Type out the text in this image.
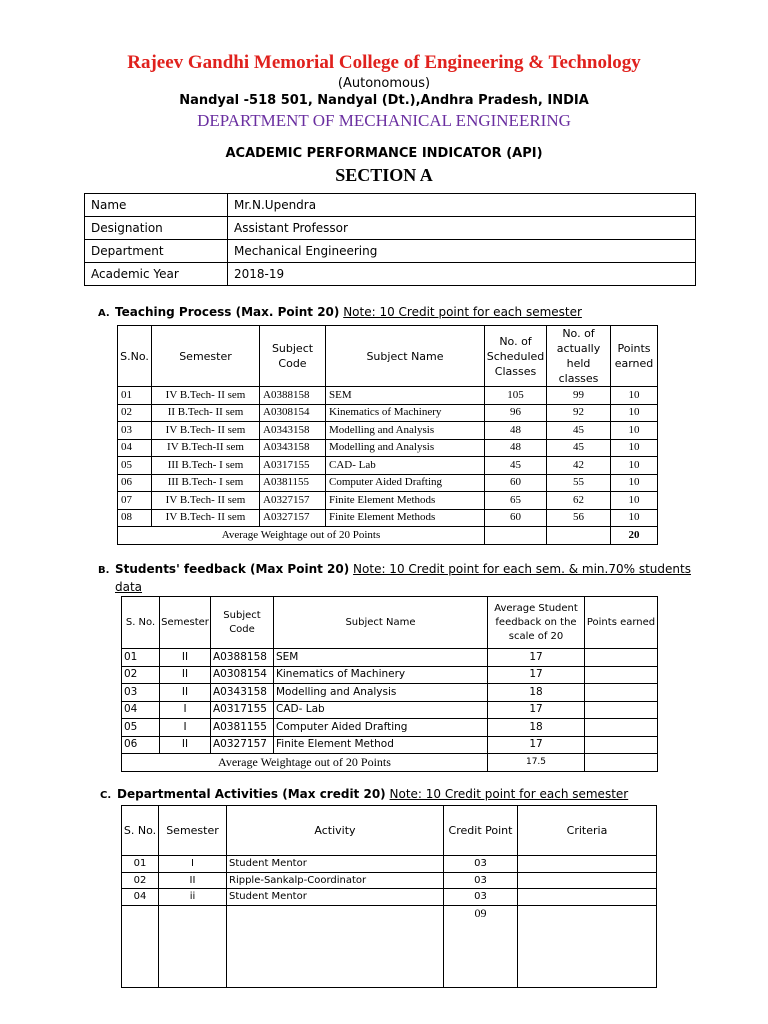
Rajeev Gandhi Memorial College of Engineering & Technology
(Autonomous)
Nandyal -518 501, Nandyal (Dt.),Andhra Pradesh, INDIA
DEPARTMENT OF MECHANICAL ENGINEERING
ACADEMIC PERFORMANCE INDICATOR (API)
SECTION A
Name	Mr.N.Upendra
Designation	Assistant Professor
Department	Mechanical Engineering
Academic Year	2018-19
A. Teaching Process (Max. Point 20) Note: 10 Credit point for each semester
S.No.	Semester	Subject Code	Subject Name	No. of Scheduled Classes	No. of actually held classes	Points earned
01	IV B.Tech- II sem	A0388158	SEM	105	99	10
02	II B.Tech- II sem	A0308154	Kinematics of Machinery	96	92	10
03	IV B.Tech- II sem	A0343158	Modelling and Analysis	48	45	10
04	IV B.Tech-II sem	A0343158	Modelling and Analysis	48	45	10
05	III B.Tech- I sem	A0317155	CAD- Lab	45	42	10
06	III B.Tech- I sem	A0381155	Computer Aided Drafting	60	55	10
07	IV B.Tech- II sem	A0327157	Finite Element Methods	65	62	10
08	IV B.Tech- II sem	A0327157	Finite Element Methods	60	56	10
Average Weightage out of 20 Points						20
B. Students' feedback (Max Point 20) Note: 10 Credit point for each sem. & min.70% students
data
S. No.	Semester	Subject Code	Subject Name	Average Student feedback on the scale of 20	Points earned
01	II	A0388158	SEM	17	
02	II	A0308154	Kinematics of Machinery	17	
03	II	A0343158	Modelling and Analysis	18	
04	I	A0317155	CAD- Lab	17	
05	I	A0381155	Computer Aided Drafting	18	
06	II	A0327157	Finite Element Method	17	
Average Weightage out of 20 Points				17.5	
C. Departmental Activities (Max credit 20) Note: 10 Credit point for each semester
S. No.	Semester	Activity	Credit Point	Criteria
01	I	Student Mentor	03	
02	II	Ripple-Sankalp-Coordinator	03	
04	ii	Student Mentor	03	
			09	
